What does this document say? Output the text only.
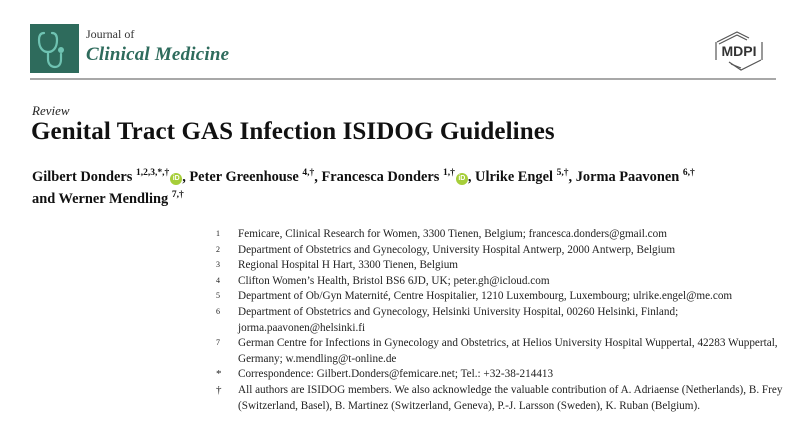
Journal of
Clinical Medicine	MDPI
Review
Genital Tract GAS Infection ISIDOG Guidelines
Gilbert Donders $^{1,2,3,*,\dagger}$iD , Peter Greenhouse $^{4,\dagger}$, Francesca Donders $^{1,\dagger}$iD , Ulrike Engel $^{5,\dagger}$, Jorma Paavonen $^{6,\dagger}$
and Werner Mendling $^{7,\dagger}$
1	Femicare, Clinical Research for Women, 3300 Tienen, Belgium; francesca.donders@gmail.com
2	Department of Obstetrics and Gynecology, University Hospital Antwerp, 2000 Antwerp, Belgium
3	Regional Hospital H Hart, 3300 Tienen, Belgium
4	Clifton Women’s Health, Bristol BS6 6JD, UK; peter.gh@icloud.com
5	Department of Ob/Gyn Maternité, Centre Hospitalier, 1210 Luxembourg, Luxembourg; ulrike.engel@me.com
6	Department of Obstetrics and Gynecology, Helsinki University Hospital, 00260 Helsinki, Finland; jorma.paavonen@helsinki.fi
7	German Centre for Infections in Gynecology and Obstetrics, at Helios University Hospital Wuppertal, 42283 Wuppertal, Germany; w.mendling@t-online.de
*	Correspondence: Gilbert.Donders@femicare.net; Tel.: +32-38-214413
†	All authors are ISIDOG members. We also acknowledge the valuable contribution of A. Adriaense (Netherlands), B. Frey (Switzerland, Basel), B. Martinez (Switzerland, Geneva), P.-J. Larsson (Sweden), K. Ruban (Belgium).
